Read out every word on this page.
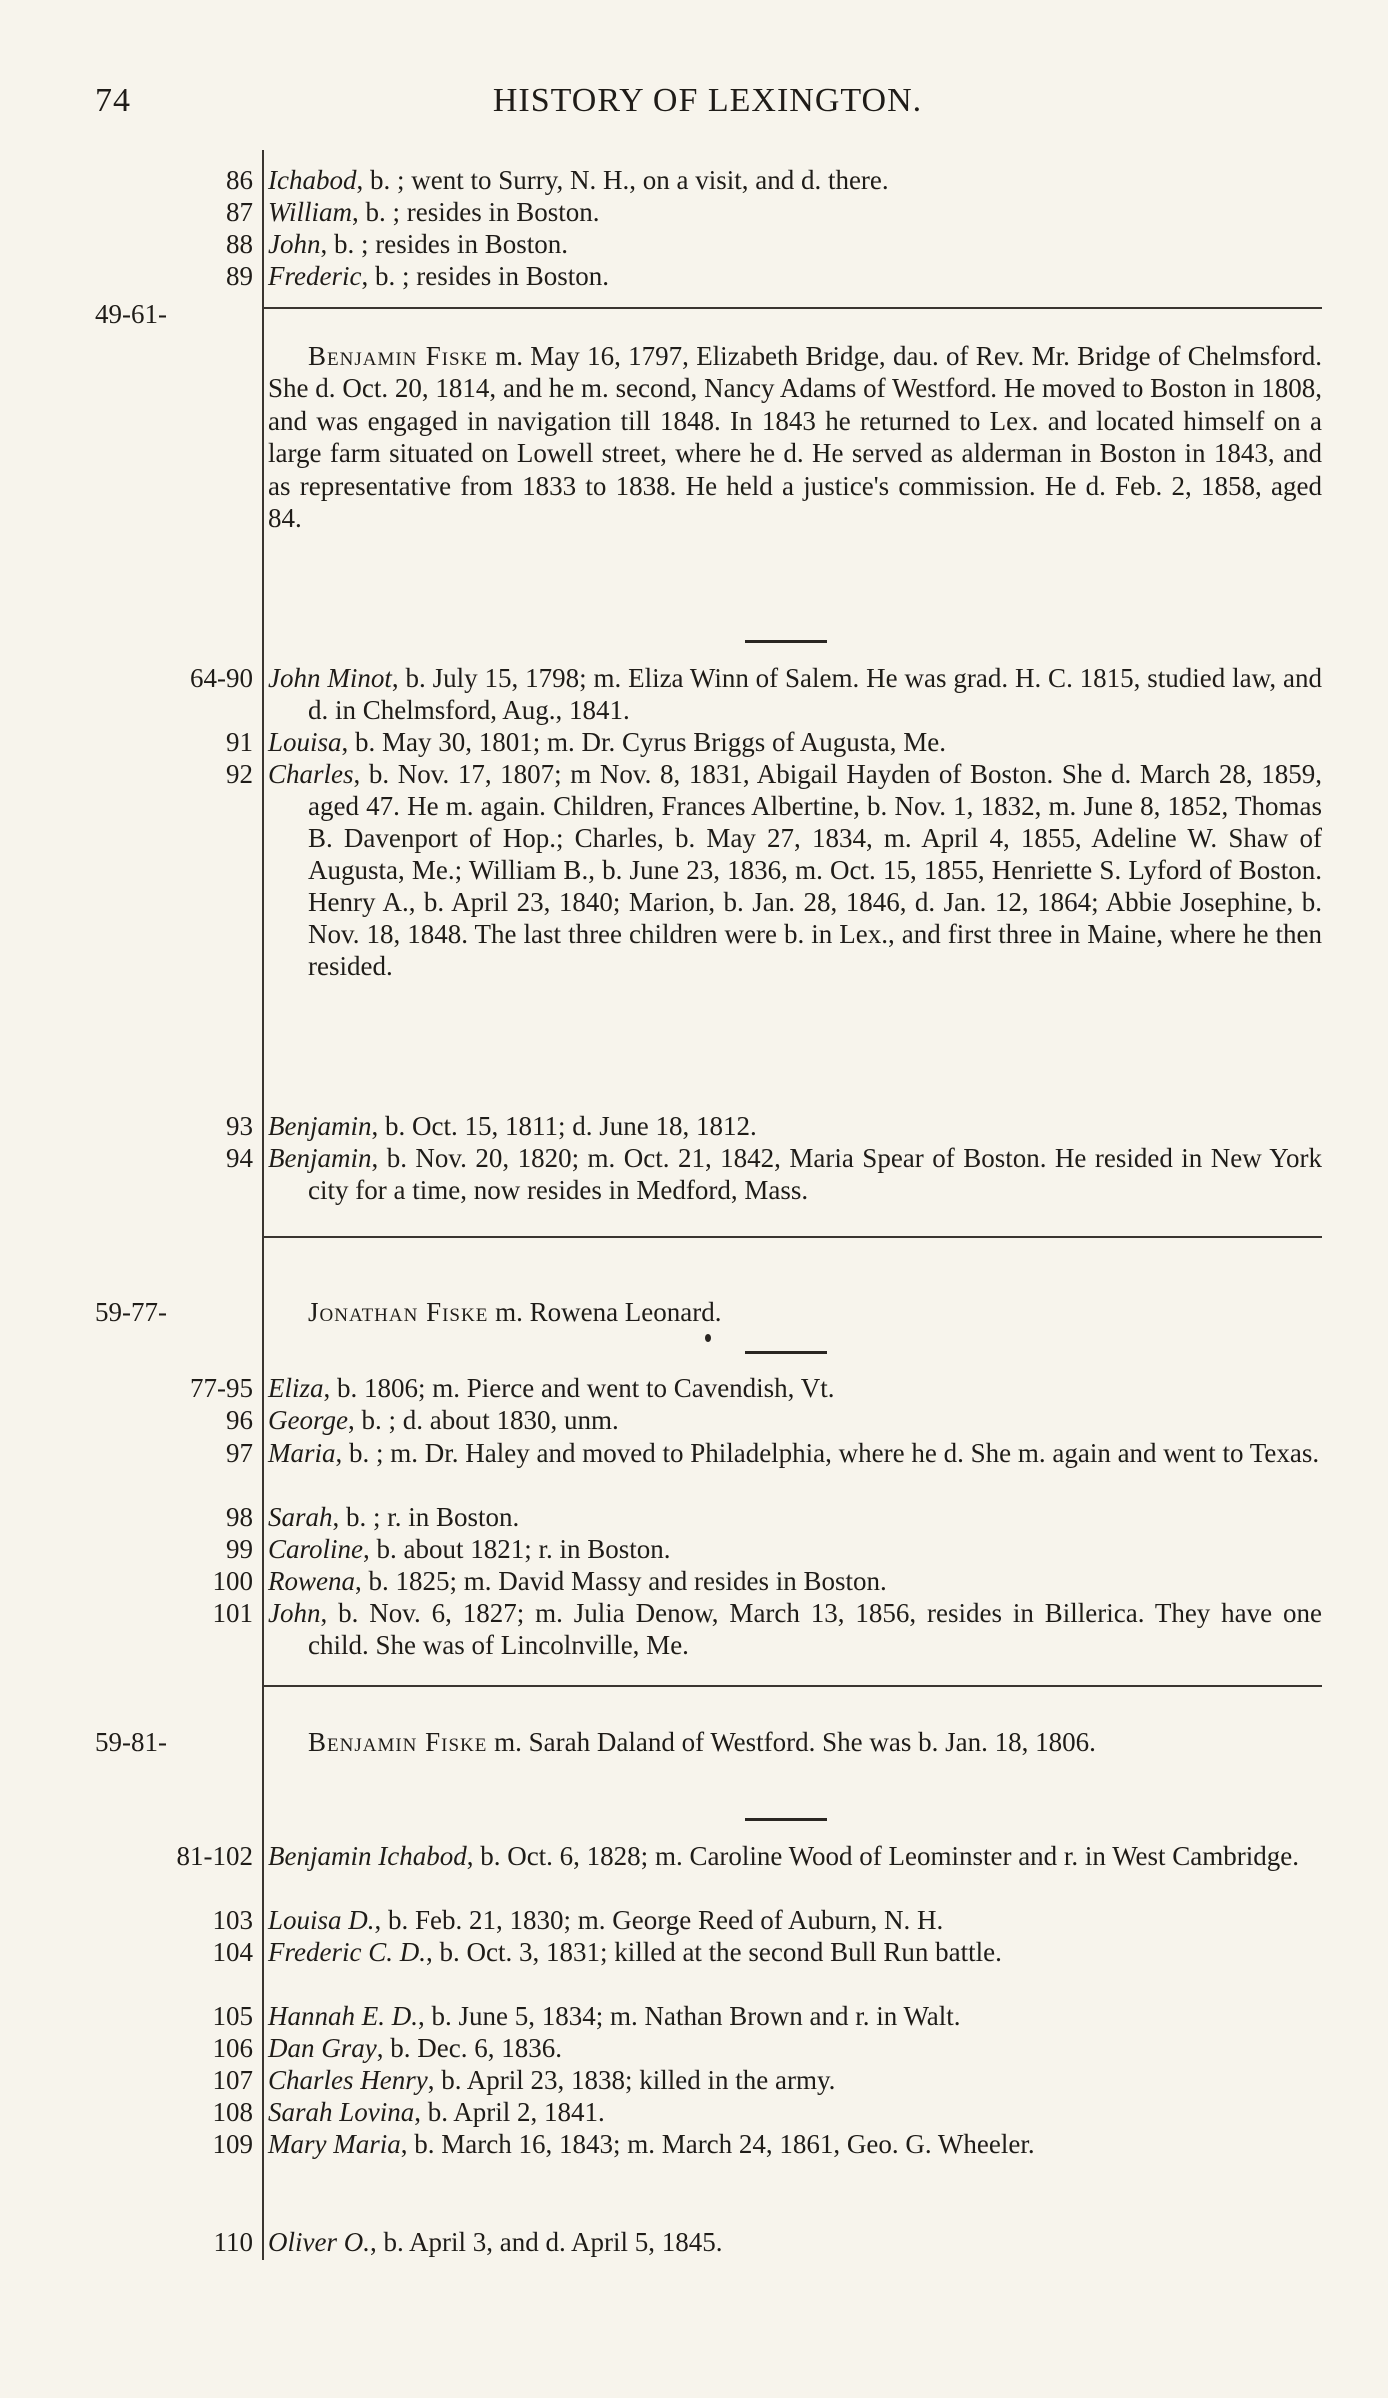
74	HISTORY OF LEXINGTON.
86 Ichabod, b. ; went to Surry, N. H., on a visit, and d. there.
87 William, b. ; resides in Boston.
88 John, b. ; resides in Boston.
89 Frederic, b. ; resides in Boston.
49-61-
Benjamin Fiske m. May 16, 1797, Elizabeth Bridge, dau. of Rev. Mr. Bridge of Chelmsford. She d. Oct. 20, 1814, and he m. second, Nancy Adams of Westford. He moved to Boston in 1808, and was engaged in navigation till 1848. In 1843 he returned to Lex. and located himself on a large farm situated on Lowell street, where he d. He served as alderman in Boston in 1843, and as representative from 1833 to 1838. He held a justice's commission. He d. Feb. 2, 1858, aged 84.
64-90 John Minot, b. July 15, 1798; m. Eliza Winn of Salem. He was grad. H. C. 1815, studied law, and d. in Chelmsford, Aug., 1841.
91 Louisa, b. May 30, 1801; m. Dr. Cyrus Briggs of Augusta, Me.
92 Charles, b. Nov. 17, 1807; m Nov. 8, 1831, Abigail Hayden of Boston. She d. March 28, 1859, aged 47. He m. again. Children, Frances Albertine, b. Nov. 1, 1832, m. June 8, 1852, Thomas B. Davenport of Hop.; Charles, b. May 27, 1834, m. April 4, 1855, Adeline W. Shaw of Augusta, Me.; William B., b. June 23, 1836, m. Oct. 15, 1855, Henriette S. Lyford of Boston. Henry A., b. April 23, 1840; Marion, b. Jan. 28, 1846, d. Jan. 12, 1864; Abbie Josephine, b. Nov. 18, 1848. The last three children were b. in Lex., and first three in Maine, where he then resided.
93 Benjamin, b. Oct. 15, 1811; d. June 18, 1812.
94 Benjamin, b. Nov. 20, 1820; m. Oct. 21, 1842, Maria Spear of Boston. He resided in New York city for a time, now resides in Medford, Mass.
59-77-	Jonathan Fiske m. Rowena Leonard.
77-95 Eliza, b. 1806; m. Pierce and went to Cavendish, Vt.
96 George, b. ; d. about 1830, unm.
97 Maria, b. ; m. Dr. Haley and moved to Philadelphia, where he d. She m. again and went to Texas.
98 Sarah, b. ; r. in Boston.
99 Caroline, b. about 1821; r. in Boston.
100 Rowena, b. 1825; m. David Massy and resides in Boston.
101 John, b. Nov. 6, 1827; m. Julia Denow, March 13, 1856, resides in Billerica. They have one child. She was of Lincolnville, Me.
59-81-	Benjamin Fiske m. Sarah Daland of Westford. She was b. Jan. 18, 1806.
81-102 Benjamin Ichabod, b. Oct. 6, 1828; m. Caroline Wood of Leominster and r. in West Cambridge.
103 Louisa D., b. Feb. 21, 1830; m. George Reed of Auburn, N. H.
104 Frederic C. D., b. Oct. 3, 1831; killed at the second Bull Run battle.
105 Hannah E. D., b. June 5, 1834; m. Nathan Brown and r. in Walt.
106 Dan Gray, b. Dec. 6, 1836.
107 Charles Henry, b. April 23, 1838; killed in the army.
108 Sarah Lovina, b. April 2, 1841.
109 Mary Maria, b. March 16, 1843; m. March 24, 1861, Geo. G. Wheeler.
110 Oliver O., b. April 3, and d. April 5, 1845.
